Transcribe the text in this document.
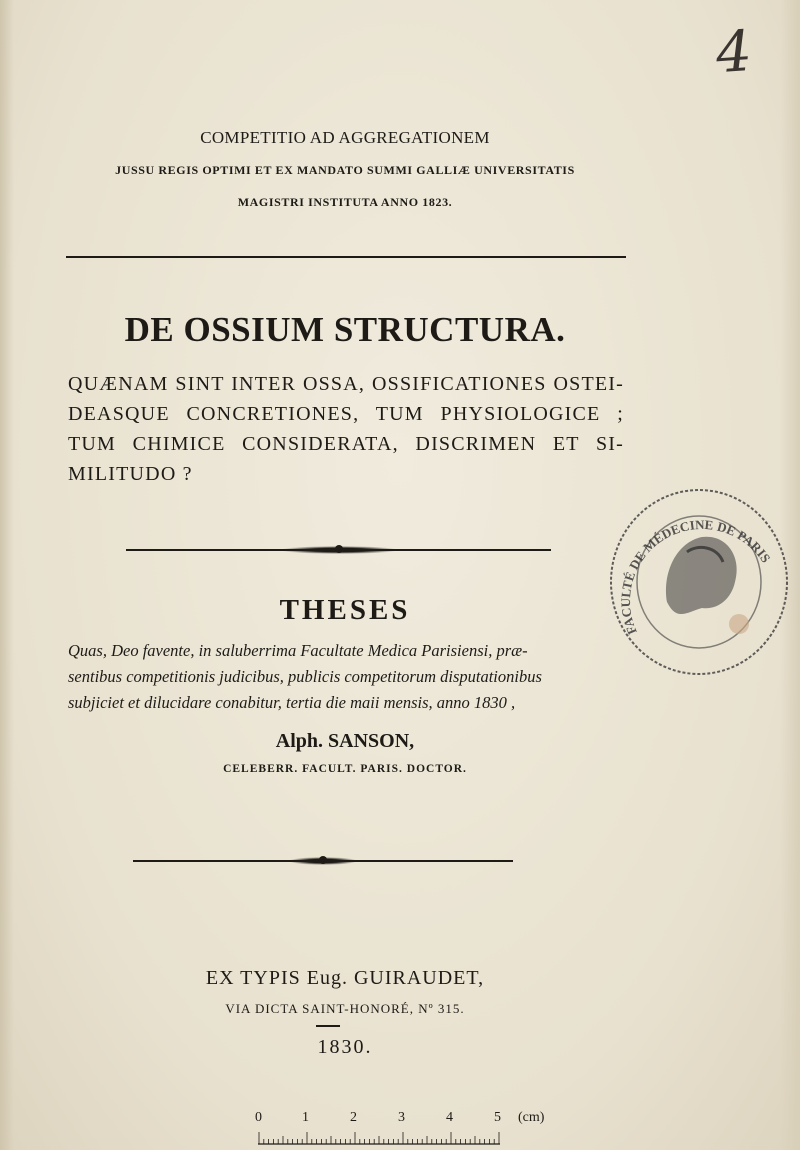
4
COMPETITIO AD AGGREGATIONEM
JUSSU REGIS OPTIMI ET EX MANDATO SUMMI GALLIÆ UNIVERSITATIS
MAGISTRI INSTITUTA ANNO 1823.
DE OSSIUM STRUCTURA.
QUÆNAM SINT INTER OSSA, OSSIFICATIONES OSTEI-
DEASQUE CONCRETIONES, TUM PHYSIOLOGICE ;
TUM CHIMICE CONSIDERATA, DISCRIMEN ET SI-
MILITUDO ?
THESES
Quas, Deo favente, in saluberrima Facultate Medica Parisiensi, præ-
sentibus competitionis judicibus, publicis competitorum disputationibus
subjiciet et dilucidare conabitur, tertia die maii mensis, anno 1830 ,
Alph. SANSON,
CELEBERR. FACULT. PARIS. DOCTOR.
EX TYPIS Eug. GUIRAUDET,
VIA DICTA SAINT-HONORÉ, Nº 315.
1830.
FACULTÉ DE MÉDECINE DE PARIS
0	1	2	3	4	5 (cm)
